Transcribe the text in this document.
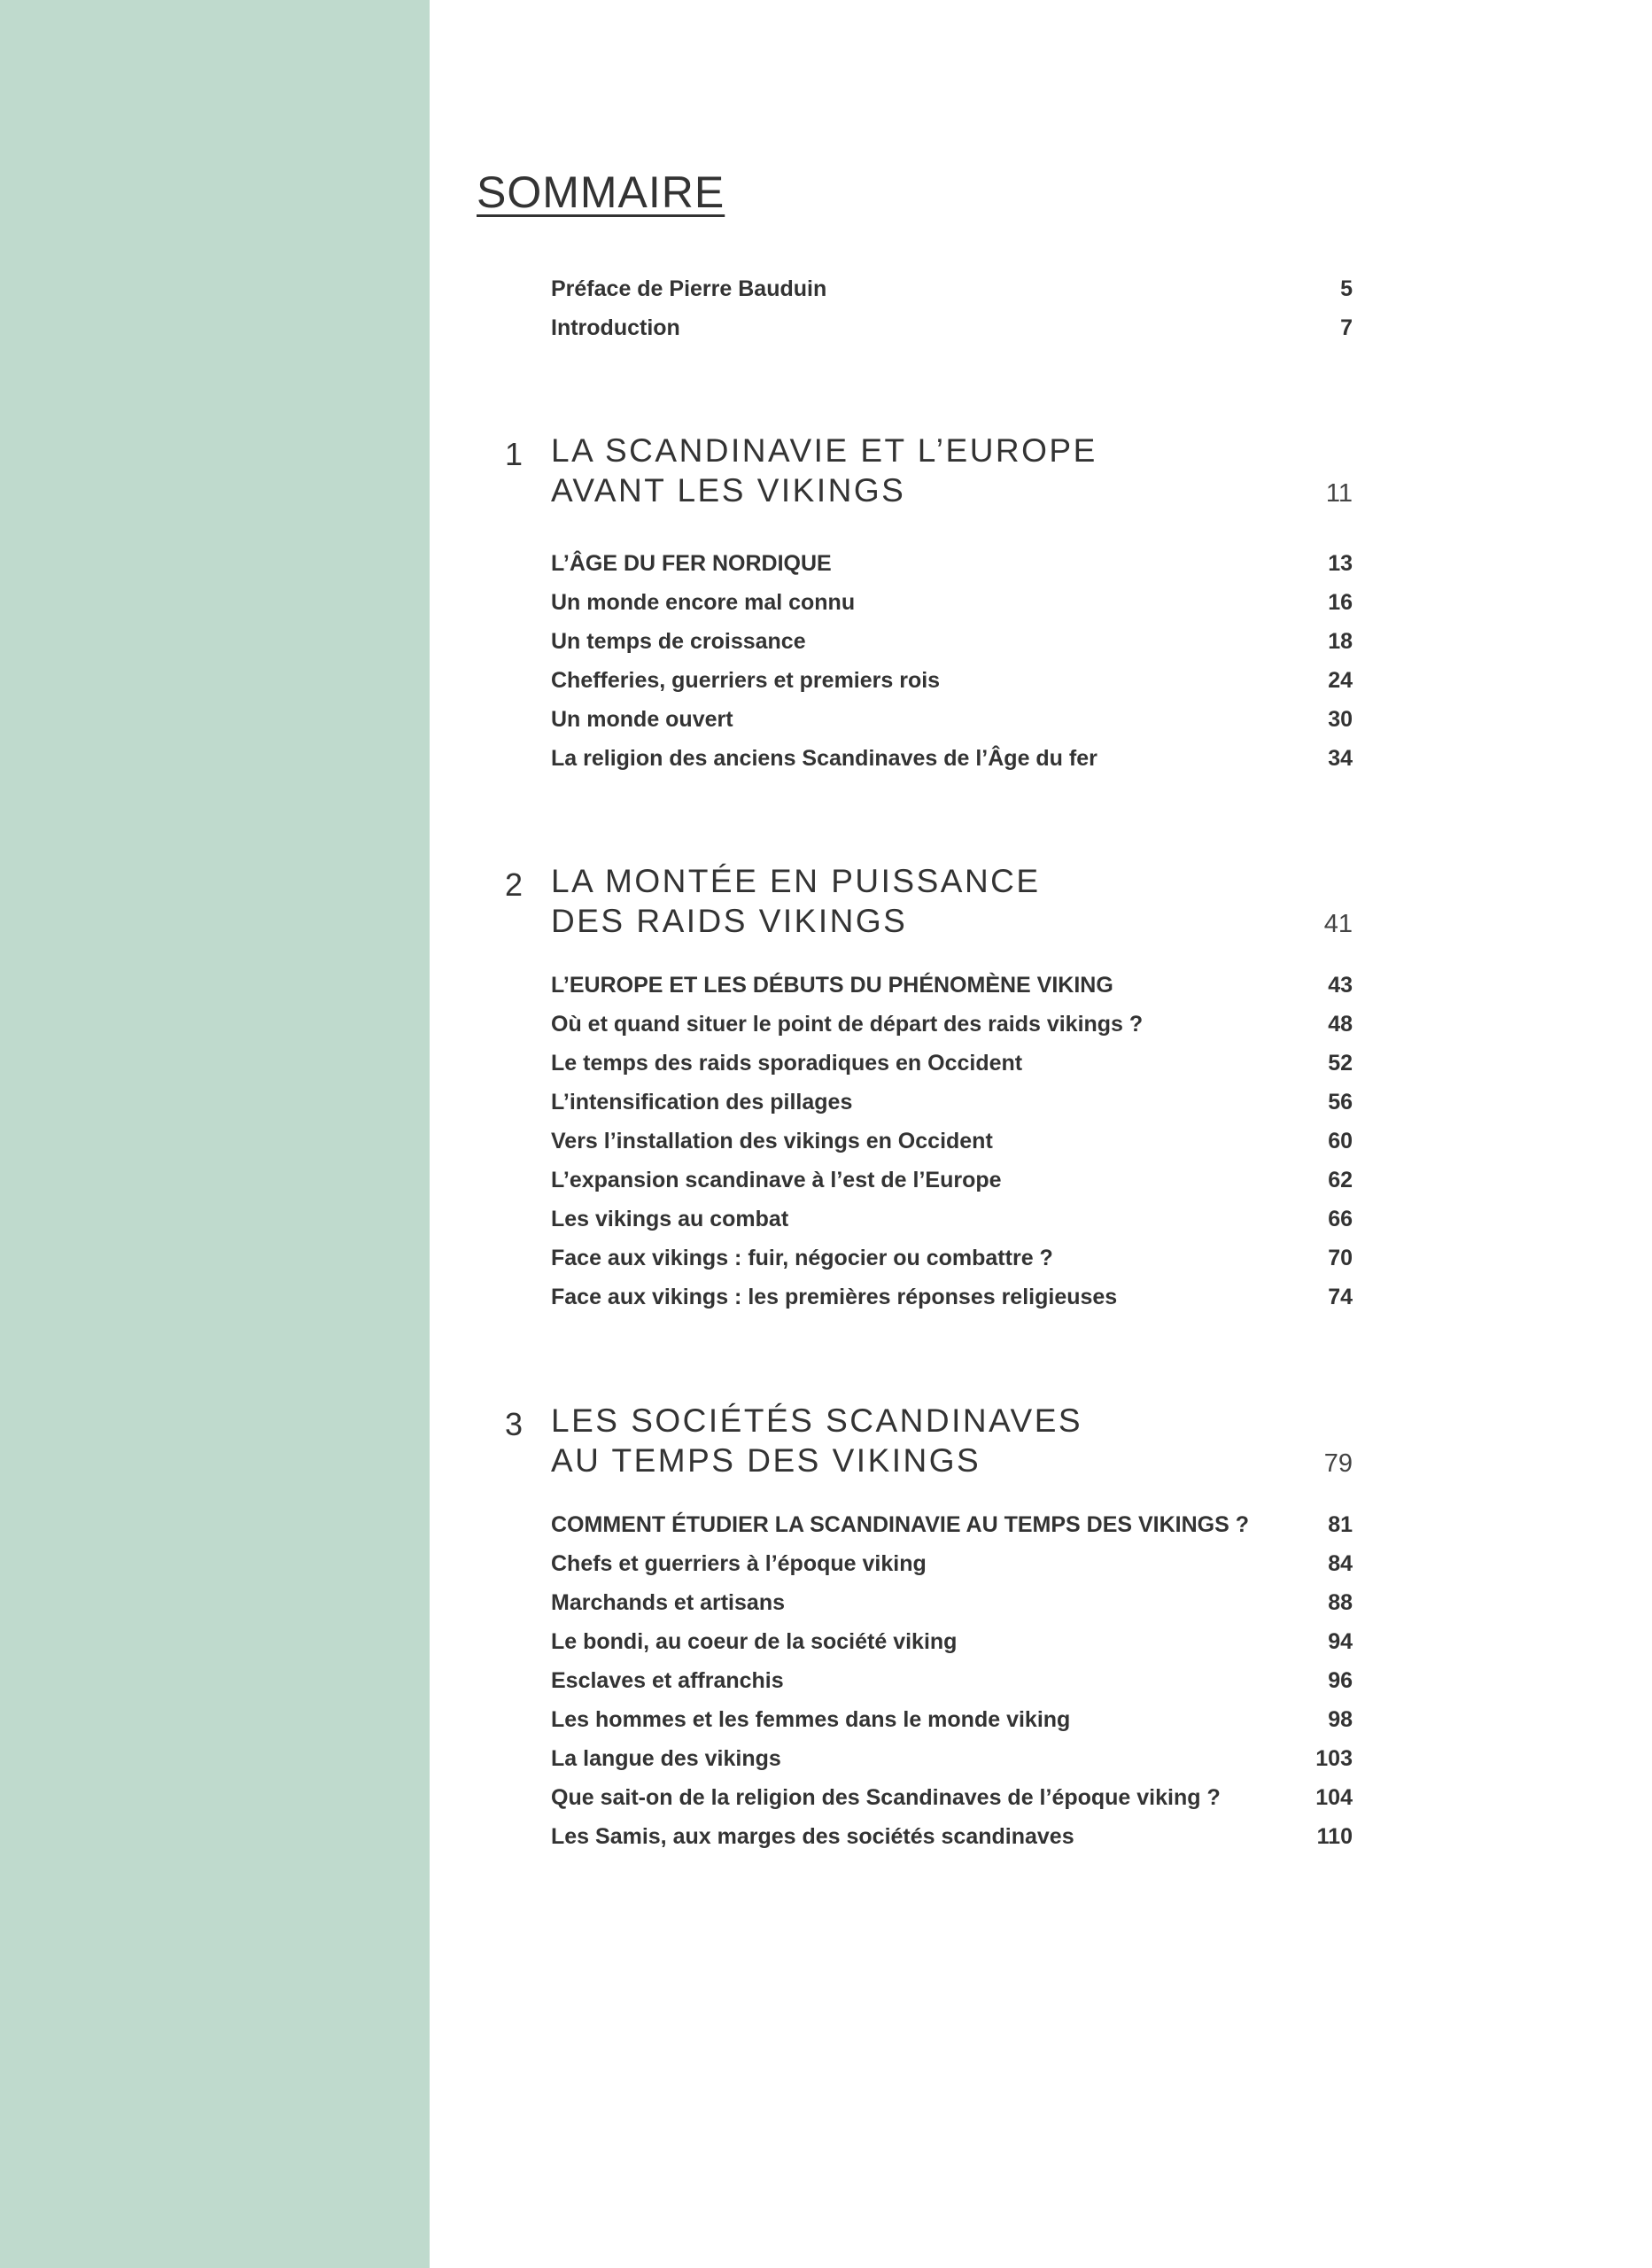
SOMMAIRE
Préface de Pierre Bauduin	5
Introduction	7
1 LA SCANDINAVIE ET L’EUROPE
AVANT LES VIKINGS	11
L’ÂGE DU FER NORDIQUE	13
Un monde encore mal connu	16
Un temps de croissance	18
Chefferies, guerriers et premiers rois	24
Un monde ouvert	30
La religion des anciens Scandinaves de l’Âge du fer	34
2 LA MONTÉE EN PUISSANCE
DES RAIDS VIKINGS	41
L’EUROPE ET LES DÉBUTS DU PHÉNOMÈNE VIKING	43
Où et quand situer le point de départ des raids vikings ?	48
Le temps des raids sporadiques en Occident	52
L’intensification des pillages	56
Vers l’installation des vikings en Occident	60
L’expansion scandinave à l’est de l’Europe	62
Les vikings au combat	66
Face aux vikings : fuir, négocier ou combattre ?	70
Face aux vikings : les premières réponses religieuses	74
3 LES SOCIÉTÉS SCANDINAVES
AU TEMPS DES VIKINGS	79
COMMENT ÉTUDIER LA SCANDINAVIE AU TEMPS DES VIKINGS ?	81
Chefs et guerriers à l’époque viking	84
Marchands et artisans	88
Le bondi, au coeur de la société viking	94
Esclaves et affranchis	96
Les hommes et les femmes dans le monde viking	98
La langue des vikings	103
Que sait-on de la religion des Scandinaves de l’époque viking ?	104
Les Samis, aux marges des sociétés scandinaves	110
